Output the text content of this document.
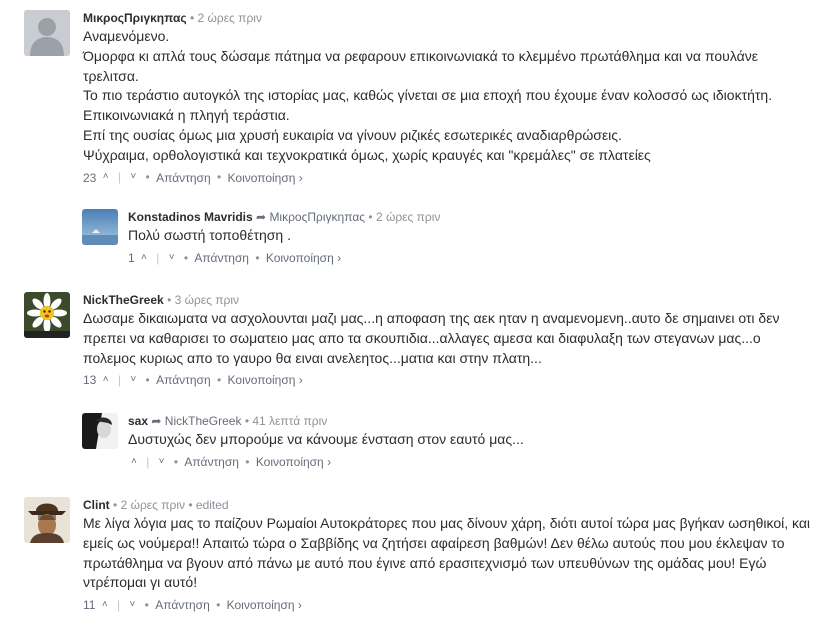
ΜικροςΠριγκηπας • 2 ώρες πριν

Αναμενόμενο.

Όμορφα κι απλά τους δώσαμε πάτημα να ρεφαρουν επικοινωνιακά το κλεμμένο πρωτάθλημα και να πουλάνε τρελιτσα.

Το πιο τεράστιο αυτογκόλ της ιστορίας μας, καθώς γίνεται σε μια εποχή που έχουμε έναν κολοσσό ως ιδιοκτήτη.

Επικοινωνιακά η πληγή τεράστια.

Επί της ουσίας όμως μια χρυσή ευκαιρία να γίνουν ριζικές εσωτερικές αναδιαρθρώσεις.

Ψύχραιμα, ορθολογιστικά και τεχνοκρατικά όμως, χωρίς κραυγές και "κρεμάλες" σε πλατείες

23 ˄ | ˅ • Απάντηση • Κοινοποίηση ›
Konstadinos Mavridis ➦ ΜικροςΠριγκηπας • 2 ώρες πριν

Πολύ σωστή τοποθέτηση .

1 ˄ | ˅ • Απάντηση • Κοινοποίηση ›
NickTheGreek • 3 ώρες πριν

Δωσαμε δικαιωματα να ασχολουνται μαζι μας...η αποφαση της αεκ ηταν η αναμενομενη..αυτο δε σημαινει οτι δεν πρεπει να καθαρισει το σωματειο μας απο τα σκουπιδια...αλλαγες αμεσα και διαφυλαξη των στεγανων μας...ο πολεμος κυριως απο το γαυρο θα ειναι ανελεητος...ματια και στην πλατη...

13 ˄ | ˅ • Απάντηση • Κοινοποίηση ›
sax ➦ NickTheGreek • 41 λεπτά πριν

Δυστυχώς δεν μπορούμε να κάνουμε ένσταση στον εαυτό μας...

˄ | ˅ • Απάντηση • Κοινοποίηση ›
Clint • 2 ώρες πριν • edited

Με λίγα λόγια μας το παίζουν Ρωμαίοι Αυτοκράτορες που μας δίνουν χάρη, διότι αυτοί τώρα μας βγήκαν ωσηθικοί, και εμείς ως νούμερα!! Απαιτώ τώρα ο Σαββίδης να ζητήσει αφαίρεση βαθμών! Δεν θέλω αυτούς που μου έκλεψαν το πρωτάθλημα να βγουν από πάνω με αυτό που έγινε από ερασιτεχνισμό των υπευθύνων της ομάδας μου! Εγώ ντρέπομαι γι αυτό!

11 ˄ | ˅ • Απάντηση • Κοινοποίηση ›
